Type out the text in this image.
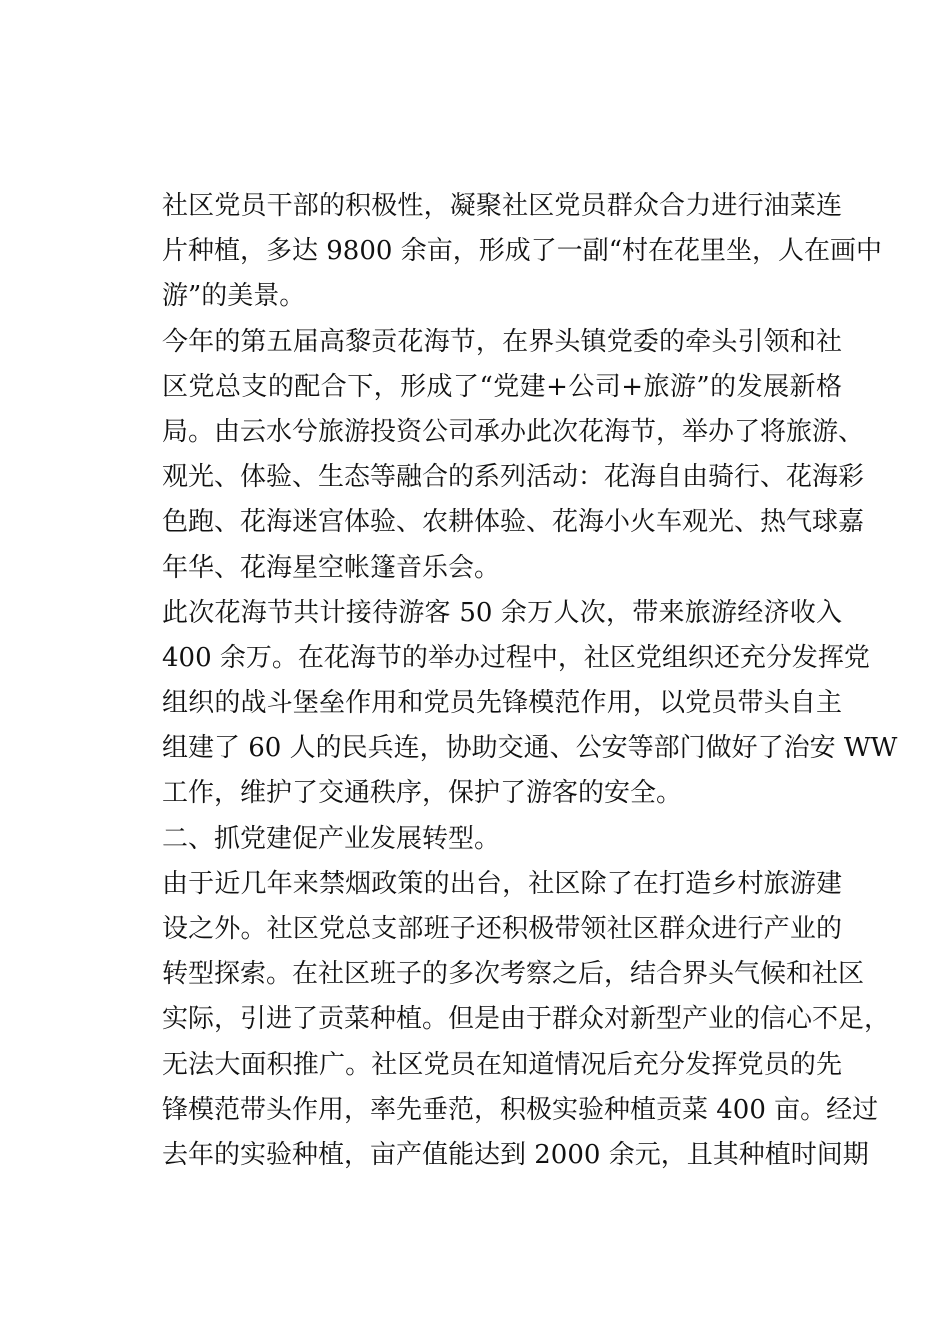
社区党员干部的积极性，凝聚社区党员群众合力进行油菜连
片种植，多达 9800 余亩，形成了一副“村在花里坐，人在画中
游”的美景。
今年的第五届高黎贡花海节，在界头镇党委的牵头引领和社
区党总支的配合下，形成了“党建+公司+旅游”的发展新格
局。由云水兮旅游投资公司承办此次花海节，举办了将旅游、
观光、体验、生态等融合的系列活动：花海自由骑行、花海彩
色跑、花海迷宫体验、农耕体验、花海小火车观光、热气球嘉
年华、花海星空帐篷音乐会。
此次花海节共计接待游客 50 余万人次，带来旅游经济收入
400 余万。在花海节的举办过程中，社区党组织还充分发挥党
组织的战斗堡垒作用和党员先锋模范作用，以党员带头自主
组建了 60 人的民兵连，协助交通、公安等部门做好了治安 WW
工作，维护了交通秩序，保护了游客的安全。
二、抓党建促产业发展转型。
由于近几年来禁烟政策的出台，社区除了在打造乡村旅游建
设之外。社区党总支部班子还积极带领社区群众进行产业的
转型探索。在社区班子的多次考察之后，结合界头气候和社区
实际，引进了贡菜种植。但是由于群众对新型产业的信心不足，
无法大面积推广。社区党员在知道情况后充分发挥党员的先
锋模范带头作用，率先垂范，积极实验种植贡菜 400 亩。经过
去年的实验种植，亩产值能达到 2000 余元，且其种植时间期
